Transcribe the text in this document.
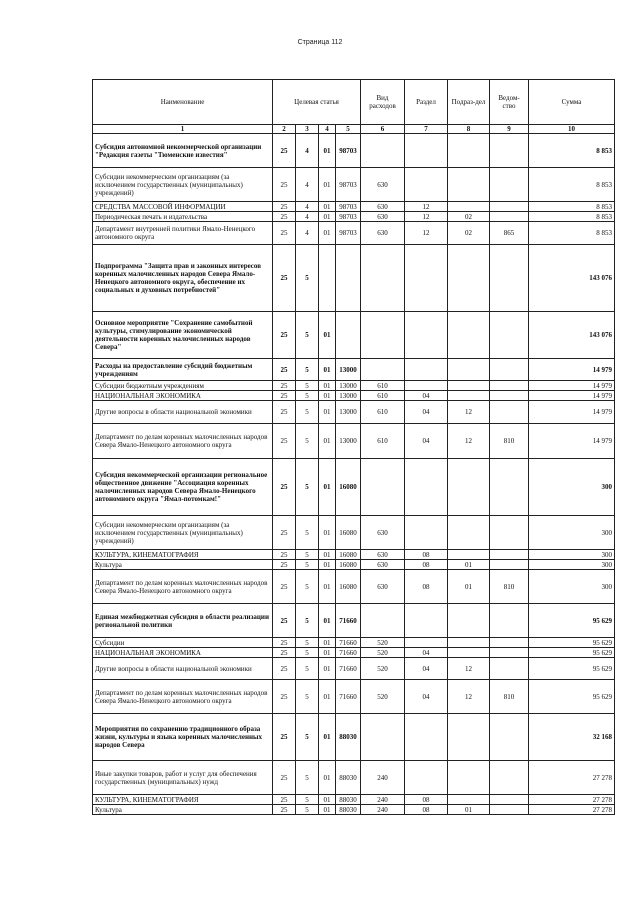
Страница 112
Наименование	Целевая статья				Вид расходов	Раздел	Подраз-дел	Ведом-ство	Сумма
1	2	3	4	5	6	7	8	9	10
Субсидия автономной некоммерческой организации "Редакция газеты "Тюменские известия"	25	4	01	98703					8 853
Субсидии некоммерческим организациям (за исключением государственных (муниципальных) учреждений)	25	4	01	98703	630				8 853
СРЕДСТВА МАССОВОЙ ИНФОРМАЦИИ	25	4	01	98703	630	12			8 853
Периодическая печать и издательства	25	4	01	98703	630	12	02		8 853
Департамент внутренней политики Ямало-Ненецкого автономного округа	25	4	01	98703	630	12	02	865	8 853
Подпрограмма "Защита прав и законных интересов коренных малочисленных народов Севера Ямало-Ненецкого автономного округа, обеспечение их социальных и духовных потребностей"	25	5							143 076
Основное мероприятие "Сохранение самобытной культуры, стимулирование экономической деятельности коренных малочисленных народов Севера"	25	5	01						143 076
Расходы на предоставление субсидий бюджетным учреждениям	25	5	01	13000					14 979
Субсидии бюджетным учреждениям	25	5	01	13000	610				14 979
НАЦИОНАЛЬНАЯ ЭКОНОМИКА	25	5	01	13000	610	04			14 979
Другие вопросы в области национальной экономики	25	5	01	13000	610	04	12		14 979
Департамент по делам коренных малочисленных народов Севера Ямало-Ненецкого автономного округа	25	5	01	13000	610	04	12	810	14 979
Субсидия некоммерческой организации региональное общественное движение "Ассоциация коренных малочисленных народов Севера Ямало-Ненецкого автономного округа "Ямал-потомкам!"	25	5	01	16080					300
Субсидии некоммерческим организациям (за исключением государственных (муниципальных) учреждений)	25	5	01	16080	630				300
КУЛЬТУРА, КИНЕМАТОГРАФИЯ	25	5	01	16080	630	08			300
Культура	25	5	01	16080	630	08	01		300
Департамент по делам коренных малочисленных народов Севера Ямало-Ненецкого автономного округа	25	5	01	16080	630	08	01	810	300
Единая межбюджетная субсидия в области реализации региональной политики	25	5	01	71660					95 629
Субсидии	25	5	01	71660	520				95 629
НАЦИОНАЛЬНАЯ ЭКОНОМИКА	25	5	01	71660	520	04			95 629
Другие вопросы в области национальной экономики	25	5	01	71660	520	04	12		95 629
Департамент по делам коренных малочисленных народов Севера Ямало-Ненецкого автономного округа	25	5	01	71660	520	04	12	810	95 629
Мероприятия по сохранению традиционного образа жизни, культуры и языка коренных малочисленных народов Севера	25	5	01	88030					32 168
Иные закупки товаров, работ и услуг для обеспечения государственных (муниципальных) нужд	25	5	01	88030	240				27 278
КУЛЬТУРА, КИНЕМАТОГРАФИЯ	25	5	01	88030	240	08			27 278
Культура	25	5	01	88030	240	08	01		27 278
